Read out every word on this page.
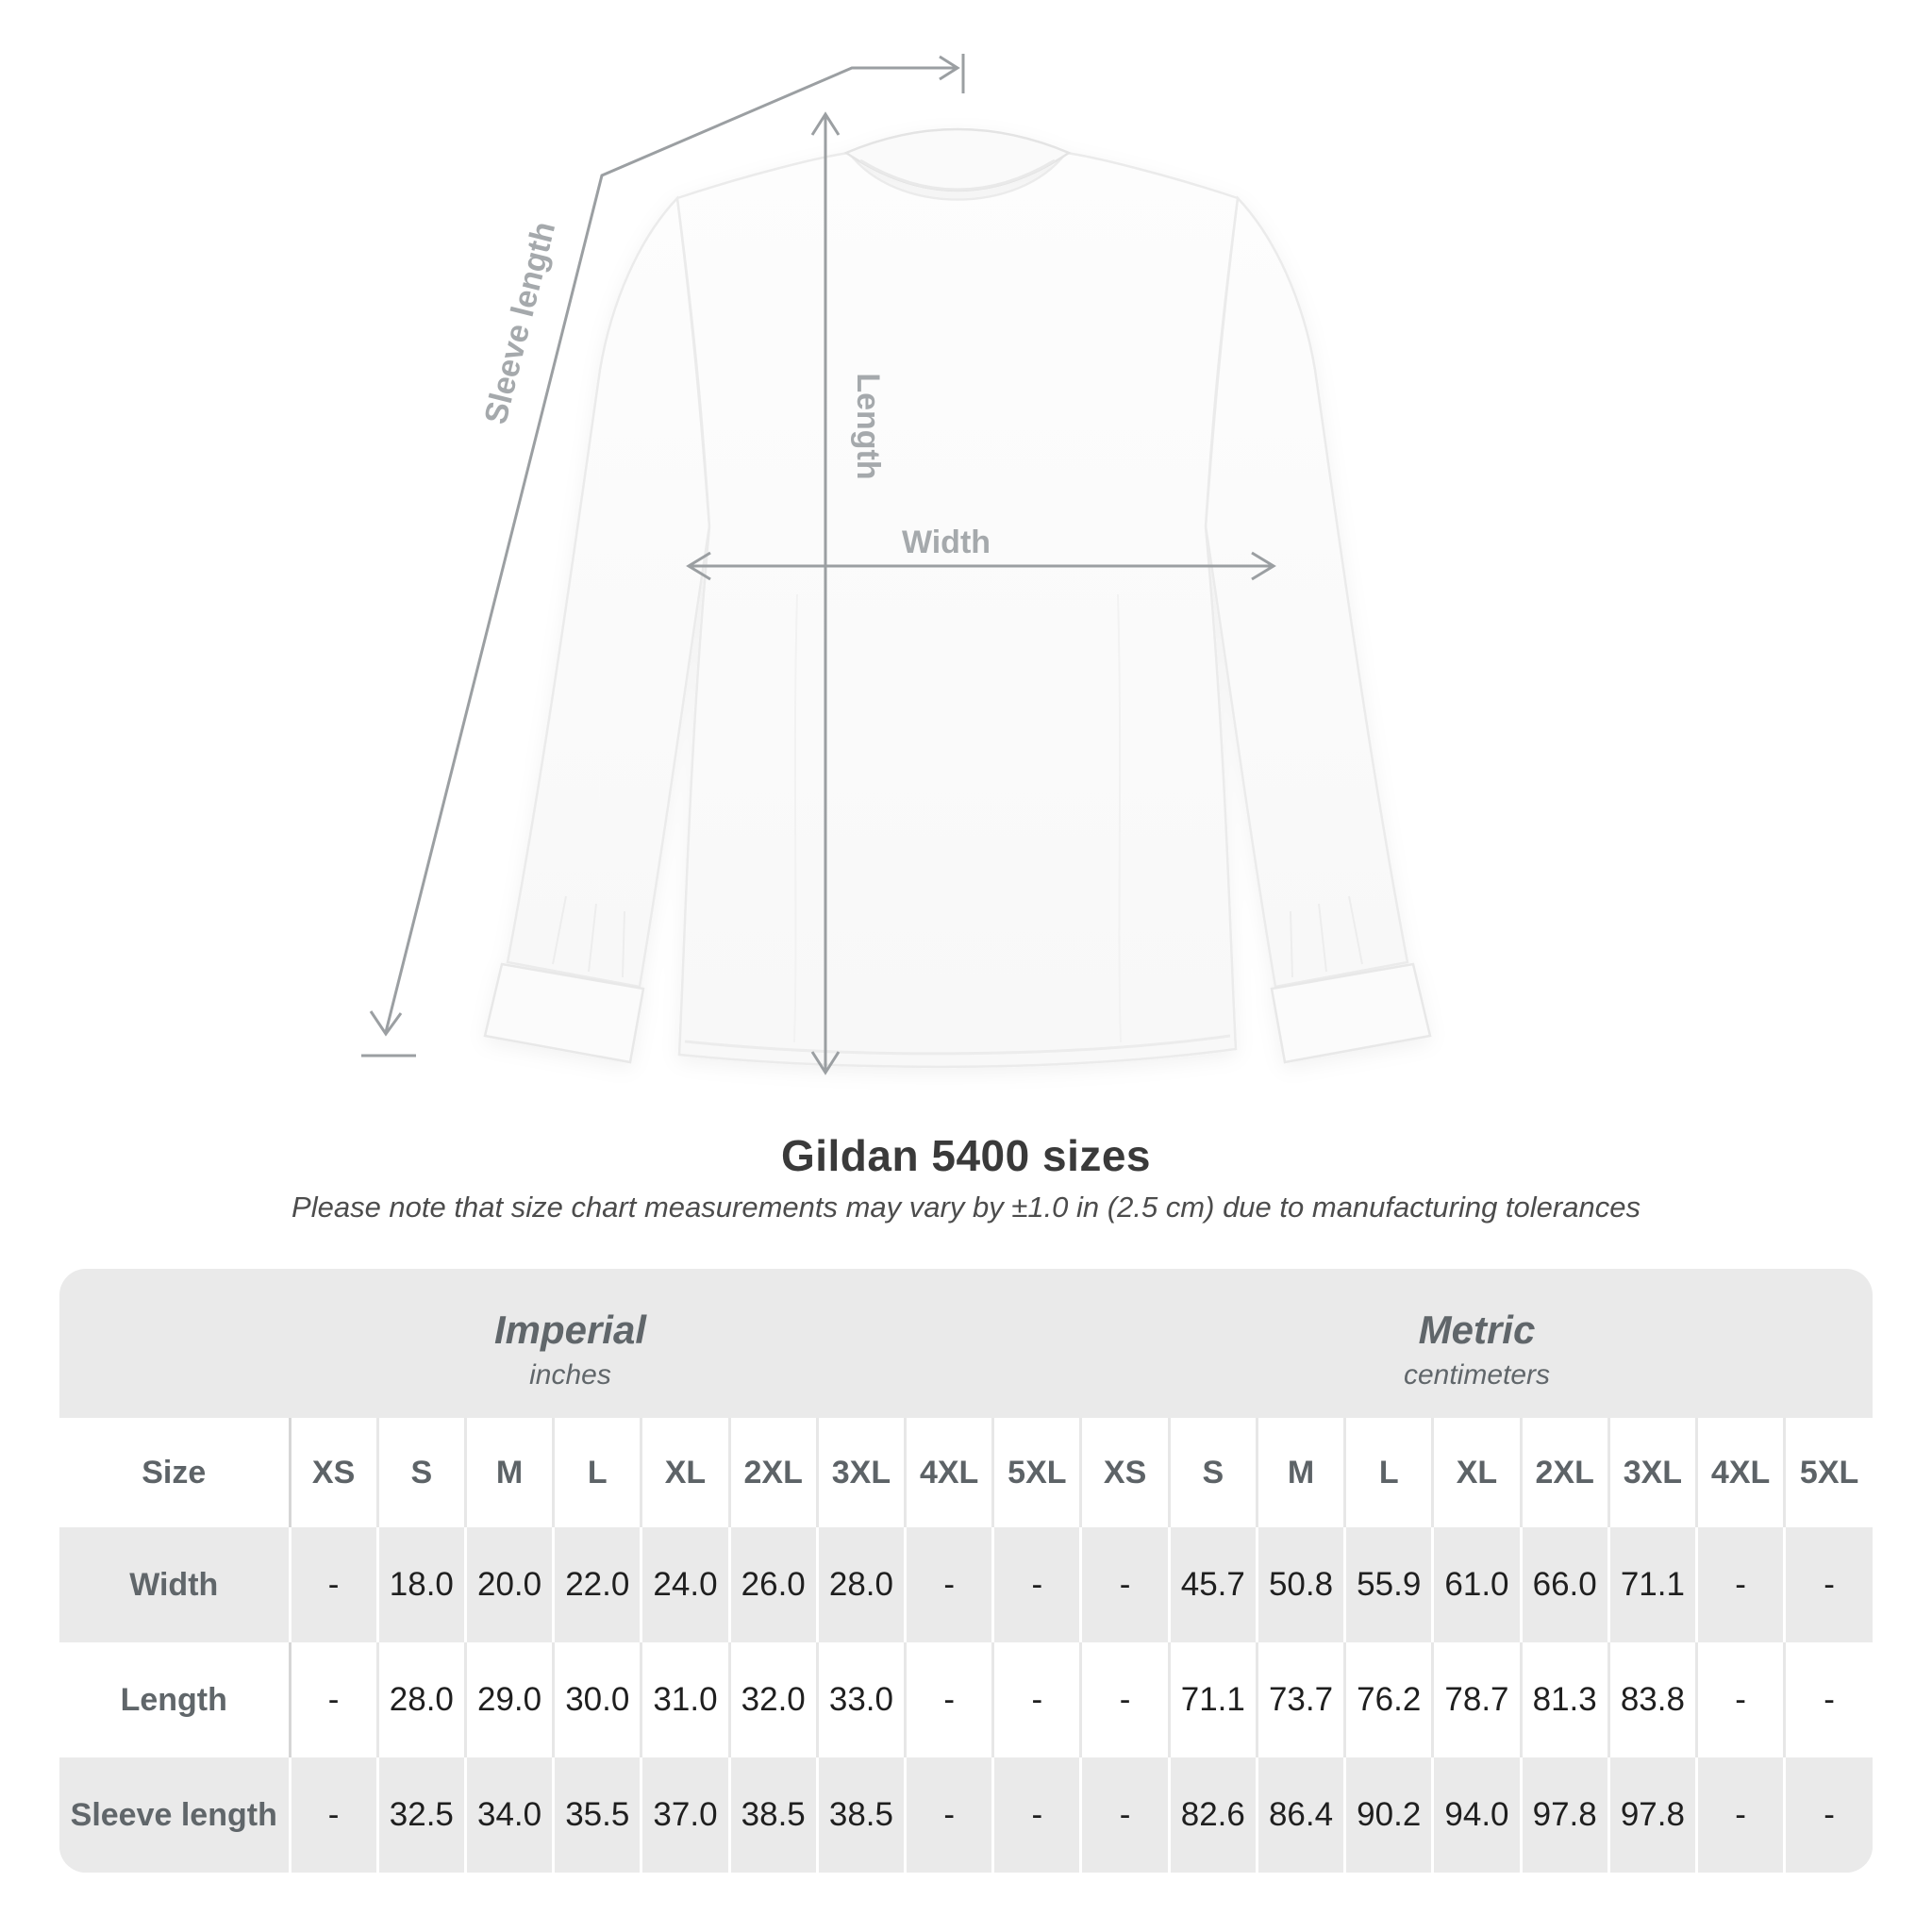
Sleeve length	Length
Width
Gildan 5400 sizes
Please note that size chart measurements may vary by ±1.0 in (2.5 cm) due to manufacturing tolerances
Imperial
inches

Metric
centimeters

Size	XS	S	M	L	XL	2XL	3XL	4XL	5XL	XS	S	M	L	XL	2XL	3XL	4XL	5XL
Width	-	18.0	20.0	22.0	24.0	26.0	28.0	-	-	-	45.7	50.8	55.9	61.0	66.0	71.1	-	-
Length	-	28.0	29.0	30.0	31.0	32.0	33.0	-	-	-	71.1	73.7	76.2	78.7	81.3	83.8	-	-
Sleeve length	-	32.5	34.0	35.5	37.0	38.5	38.5	-	-	-	82.6	86.4	90.2	94.0	97.8	97.8	-	-
